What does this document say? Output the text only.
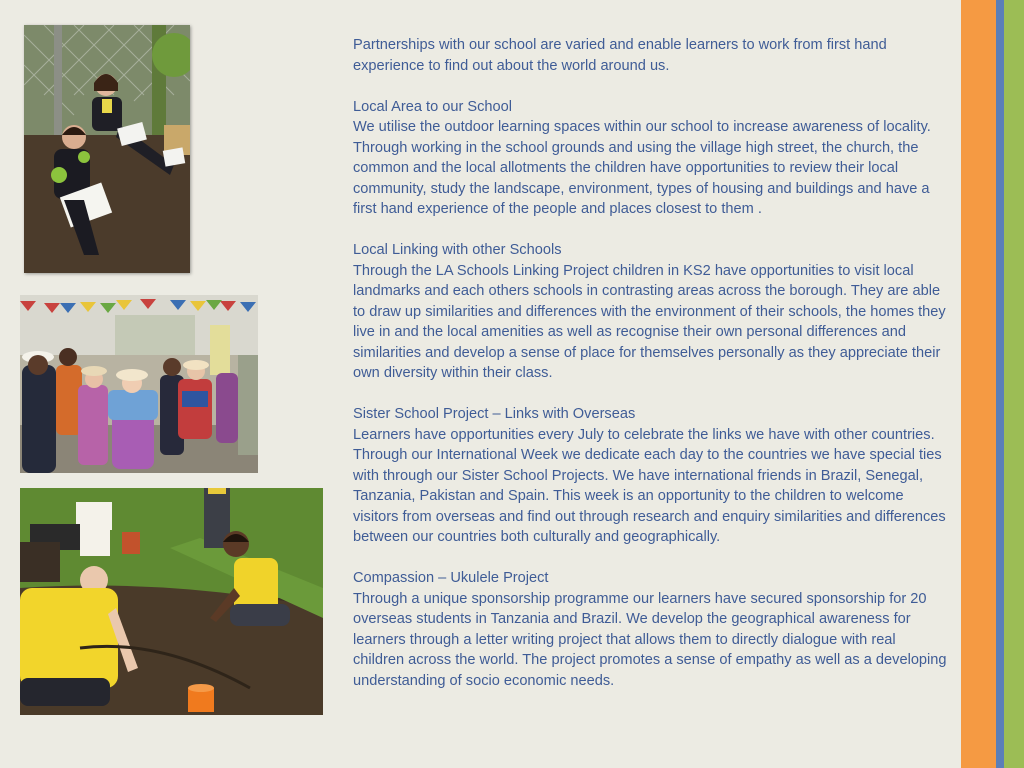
Partnerships with our school are varied and enable learners to work from first hand experience to find out about the world around us.

Local Area to our School
We utilise the outdoor learning spaces within our school to increase awareness of locality. Through working in the school grounds and using the village high street, the church, the common and the local allotments the children have opportunities to review their local community, study the landscape, environment, types of housing and buildings and have a first hand experience of the people and places closest to them .

Local Linking with other Schools
Through the LA Schools Linking Project children in KS2 have opportunities to visit local landmarks and each others schools in contrasting areas across the borough. They are able to draw up similarities and differences with the environment of their schools, the homes they live in and the local amenities as well as recognise their own personal differences and similarities and develop a sense of place for themselves personally as they appreciate their own diversity within their class.

Sister School Project – Links with Overseas
Learners have opportunities every July to celebrate the links we have with other countries. Through our International Week we dedicate each day to the countries we have special ties with through our Sister School Projects. We have international friends in Brazil, Senegal, Tanzania, Pakistan and Spain. This week is an opportunity to the children to welcome visitors from overseas and find out through research and enquiry similarities and differences between our countries both culturally and geographically.

Compassion – Ukulele Project
Through a unique sponsorship programme our learners have secured sponsorship for 20 overseas students in Tanzania and Brazil. We develop the geographical awareness for learners through a letter writing project that allows them to directly dialogue with real children across the world. The project promotes a sense of empathy as well as a developing understanding of socio economic needs.
